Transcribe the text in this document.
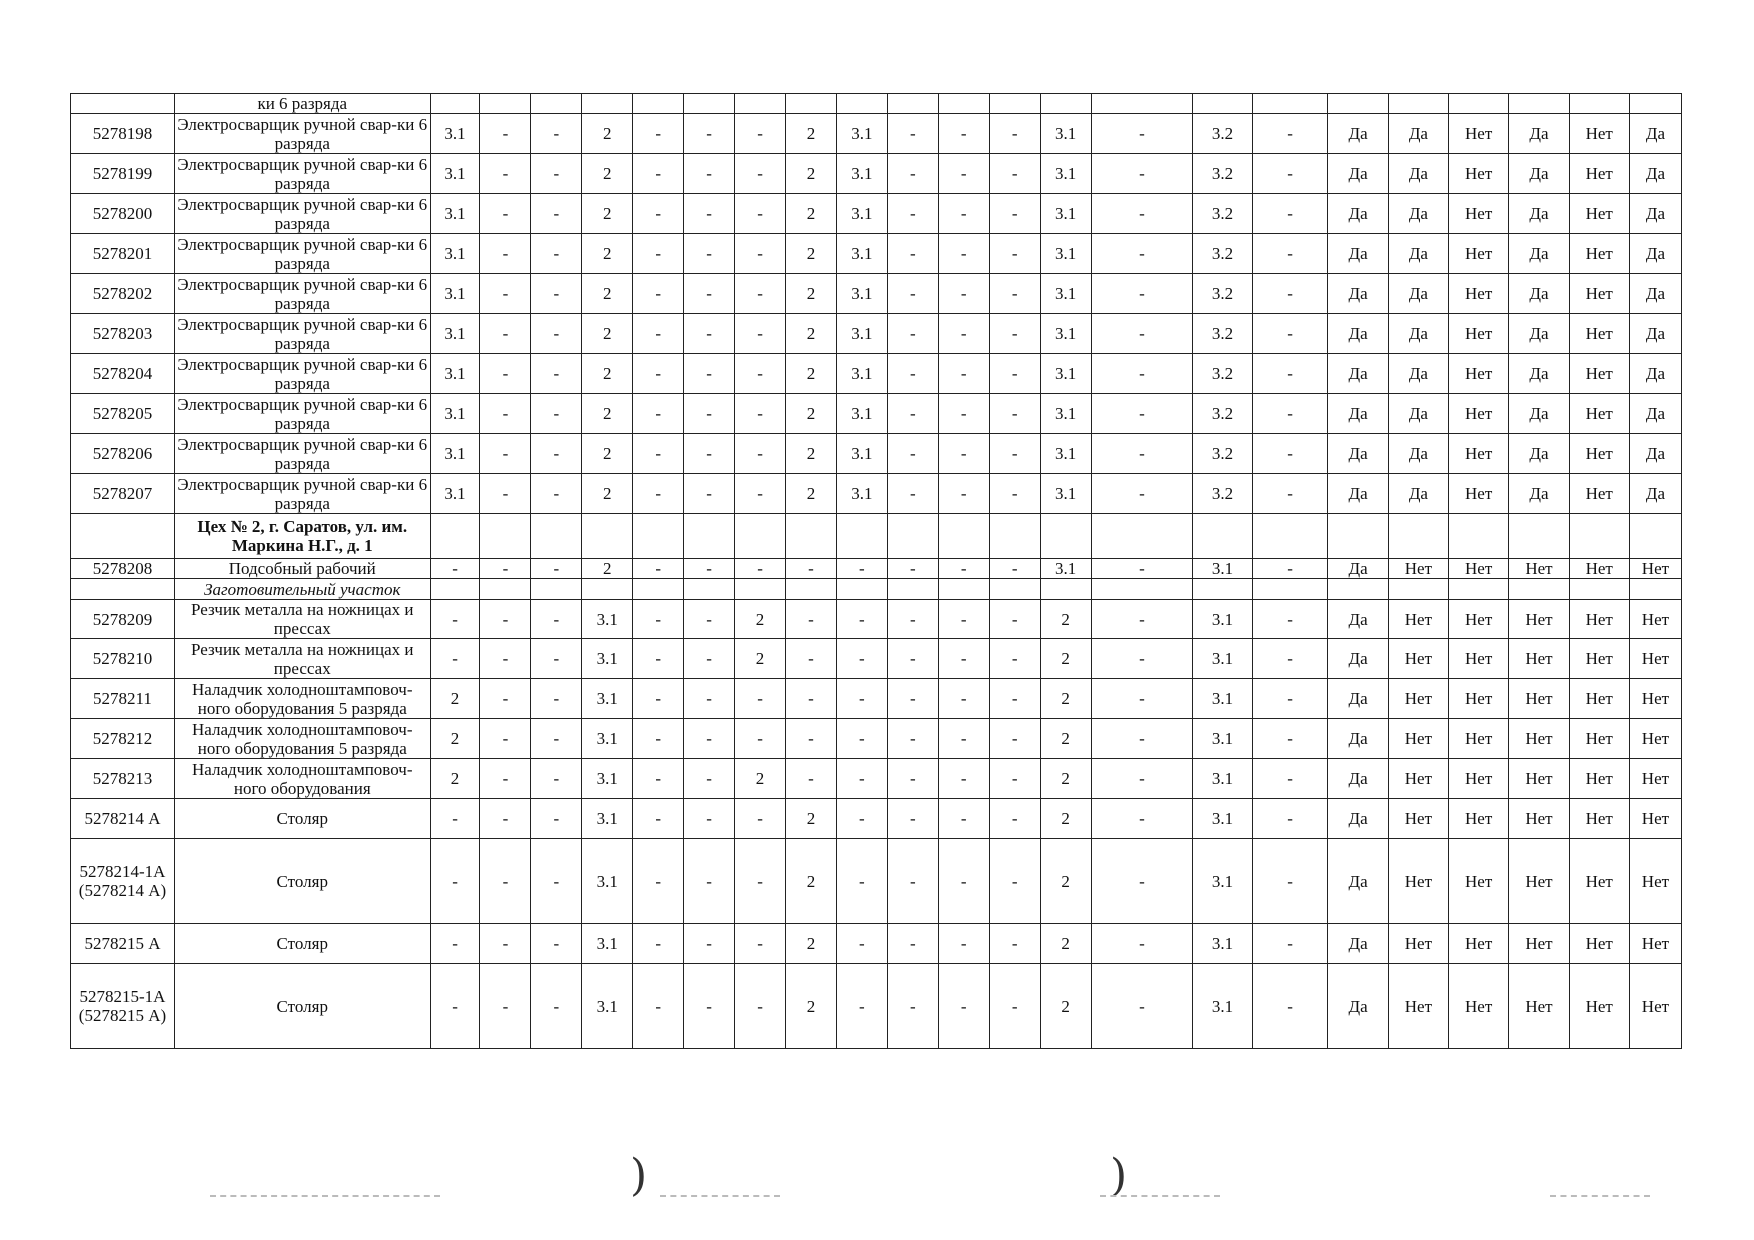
	ки 6 разряда																						
5278198	Электросварщик ручной свар-ки 6 разряда	3.1	-	-	2	-	-	-	2	3.1	-	-	-	3.1	-	3.2	-	Да	Да	Нет	Да	Нет	Да
5278199	Электросварщик ручной свар-ки 6 разряда	3.1	-	-	2	-	-	-	2	3.1	-	-	-	3.1	-	3.2	-	Да	Да	Нет	Да	Нет	Да
5278200	Электросварщик ручной свар-ки 6 разряда	3.1	-	-	2	-	-	-	2	3.1	-	-	-	3.1	-	3.2	-	Да	Да	Нет	Да	Нет	Да
5278201	Электросварщик ручной свар-ки 6 разряда	3.1	-	-	2	-	-	-	2	3.1	-	-	-	3.1	-	3.2	-	Да	Да	Нет	Да	Нет	Да
5278202	Электросварщик ручной свар-ки 6 разряда	3.1	-	-	2	-	-	-	2	3.1	-	-	-	3.1	-	3.2	-	Да	Да	Нет	Да	Нет	Да
5278203	Электросварщик ручной свар-ки 6 разряда	3.1	-	-	2	-	-	-	2	3.1	-	-	-	3.1	-	3.2	-	Да	Да	Нет	Да	Нет	Да
5278204	Электросварщик ручной свар-ки 6 разряда	3.1	-	-	2	-	-	-	2	3.1	-	-	-	3.1	-	3.2	-	Да	Да	Нет	Да	Нет	Да
5278205	Электросварщик ручной свар-ки 6 разряда	3.1	-	-	2	-	-	-	2	3.1	-	-	-	3.1	-	3.2	-	Да	Да	Нет	Да	Нет	Да
5278206	Электросварщик ручной свар-ки 6 разряда	3.1	-	-	2	-	-	-	2	3.1	-	-	-	3.1	-	3.2	-	Да	Да	Нет	Да	Нет	Да
5278207	Электросварщик ручной свар-ки 6 разряда	3.1	-	-	2	-	-	-	2	3.1	-	-	-	3.1	-	3.2	-	Да	Да	Нет	Да	Нет	Да
	Цех № 2, г. Саратов, ул. им. Маркина Н.Г., д. 1																						
5278208	Подсобный рабочий	-	-	-	2	-	-	-	-	-	-	-	-	3.1	-	3.1	-	Да	Нет	Нет	Нет	Нет	Нет
	Заготовительный участок																						
5278209	Резчик металла на ножницах и прессах	-	-	-	3.1	-	-	2	-	-	-	-	-	2	-	3.1	-	Да	Нет	Нет	Нет	Нет	Нет
5278210	Резчик металла на ножницах и прессах	-	-	-	3.1	-	-	2	-	-	-	-	-	2	-	3.1	-	Да	Нет	Нет	Нет	Нет	Нет
5278211	Наладчик холодноштамповоч-ного оборудования 5 разряда	2	-	-	3.1	-	-	-	-	-	-	-	-	2	-	3.1	-	Да	Нет	Нет	Нет	Нет	Нет
5278212	Наладчик холодноштамповоч-ного оборудования 5 разряда	2	-	-	3.1	-	-	-	-	-	-	-	-	2	-	3.1	-	Да	Нет	Нет	Нет	Нет	Нет
5278213	Наладчик холодноштамповоч-ного оборудования	2	-	-	3.1	-	-	2	-	-	-	-	-	2	-	3.1	-	Да	Нет	Нет	Нет	Нет	Нет
5278214 А	Столяр	-	-	-	3.1	-	-	-	2	-	-	-	-	2	-	3.1	-	Да	Нет	Нет	Нет	Нет	Нет
5278214-1А (5278214 А)	Столяр	-	-	-	3.1	-	-	-	2	-	-	-	-	2	-	3.1	-	Да	Нет	Нет	Нет	Нет	Нет
5278215 А	Столяр	-	-	-	3.1	-	-	-	2	-	-	-	-	2	-	3.1	-	Да	Нет	Нет	Нет	Нет	Нет
5278215-1А (5278215 А)	Столяр	-	-	-	3.1	-	-	-	2	-	-	-	-	2	-	3.1	-	Да	Нет	Нет	Нет	Нет	Нет
)	)
